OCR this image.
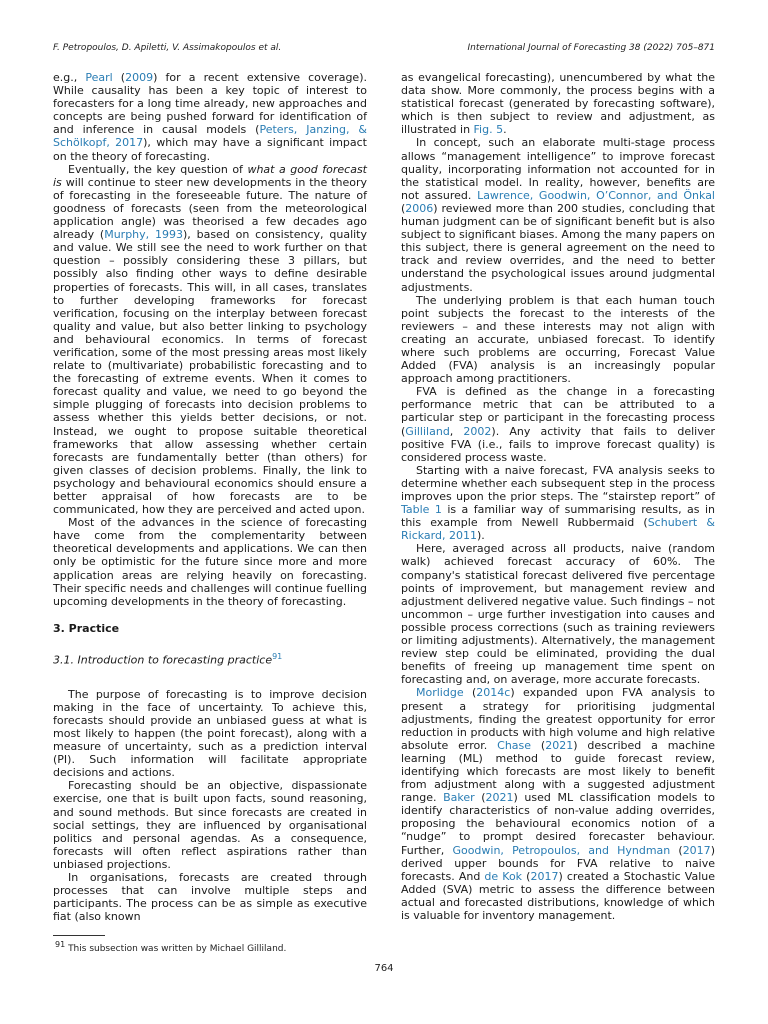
F. Petropoulos, D. Apiletti, V. Assimakopoulos et al.	International Journal of Forecasting 38 (2022) 705–871

e.g., Pearl (2009) for a recent extensive coverage). While causality has been a key topic of interest to forecasters for a long time already, new approaches and concepts are being pushed forward for identification of and inference in causal models (Peters, Janzing, & Schölkopf, 2017), which may have a significant impact on the theory of forecasting.

Eventually, the key question of what a good forecast is will continue to steer new developments in the theory of forecasting in the foreseeable future. The nature of goodness of forecasts (seen from the meteorological application angle) was theorised a few decades ago already (Murphy, 1993), based on consistency, quality and value. We still see the need to work further on that question – possibly considering these 3 pillars, but possibly also finding other ways to define desirable properties of forecasts. This will, in all cases, translates to further developing frameworks for forecast verification, focusing on the interplay between forecast quality and value, but also better linking to psychology and behavioural economics. In terms of forecast verification, some of the most pressing areas most likely relate to (multivariate) probabilistic forecasting and to the forecasting of extreme events. When it comes to forecast quality and value, we need to go beyond the simple plugging of forecasts into decision problems to assess whether this yields better decisions, or not. Instead, we ought to propose suitable theoretical frameworks that allow assessing whether certain forecasts are fundamentally better (than others) for given classes of decision problems. Finally, the link to psychology and behavioural economics should ensure a better appraisal of how forecasts are to be communicated, how they are perceived and acted upon.

Most of the advances in the science of forecasting have come from the complementarity between theoretical developments and applications. We can then only be optimistic for the future since more and more application areas are relying heavily on forecasting. Their specific needs and challenges will continue fuelling upcoming developments in the theory of forecasting.

3. Practice
3.1. Introduction to forecasting practice$^{91}$

The purpose of forecasting is to improve decision making in the face of uncertainty. To achieve this, forecasts should provide an unbiased guess at what is most likely to happen (the point forecast), along with a measure of uncertainty, such as a prediction interval (PI). Such information will facilitate appropriate decisions and actions.

Forecasting should be an objective, dispassionate exercise, one that is built upon facts, sound reasoning, and sound methods. But since forecasts are created in social settings, they are influenced by organisational politics and personal agendas. As a consequence, forecasts will often reflect aspirations rather than unbiased projections.

In organisations, forecasts are created through processes that can involve multiple steps and participants. The process can be as simple as executive fiat (also known

as evangelical forecasting), unencumbered by what the data show. More commonly, the process begins with a statistical forecast (generated by forecasting software), which is then subject to review and adjustment, as illustrated in Fig. 5.

In concept, such an elaborate multi-stage process allows “management intelligence” to improve forecast quality, incorporating information not accounted for in the statistical model. In reality, however, benefits are not assured. Lawrence, Goodwin, O’Connor, and Önkal (2006) reviewed more than 200 studies, concluding that human judgment can be of significant benefit but is also subject to significant biases. Among the many papers on this subject, there is general agreement on the need to track and review overrides, and the need to better understand the psychological issues around judgmental adjustments.

The underlying problem is that each human touch point subjects the forecast to the interests of the reviewers – and these interests may not align with creating an accurate, unbiased forecast. To identify where such problems are occurring, Forecast Value Added (FVA) analysis is an increasingly popular approach among practitioners.

FVA is defined as the change in a forecasting performance metric that can be attributed to a particular step or participant in the forecasting process (Gilliland, 2002). Any activity that fails to deliver positive FVA (i.e., fails to improve forecast quality) is considered process waste.

Starting with a naive forecast, FVA analysis seeks to determine whether each subsequent step in the process improves upon the prior steps. The “stairstep report” of Table 1 is a familiar way of summarising results, as in this example from Newell Rubbermaid (Schubert & Rickard, 2011).

Here, averaged across all products, naive (random walk) achieved forecast accuracy of 60%. The company's statistical forecast delivered five percentage points of improvement, but management review and adjustment delivered negative value. Such findings – not uncommon – urge further investigation into causes and possible process corrections (such as training reviewers or limiting adjustments). Alternatively, the management review step could be eliminated, providing the dual benefits of freeing up management time spent on forecasting and, on average, more accurate forecasts.

Morlidge (2014c) expanded upon FVA analysis to present a strategy for prioritising judgmental adjustments, finding the greatest opportunity for error reduction in products with high volume and high relative absolute error. Chase (2021) described a machine learning (ML) method to guide forecast review, identifying which forecasts are most likely to benefit from adjustment along with a suggested adjustment range. Baker (2021) used ML classification models to identify characteristics of non-value adding overrides, proposing the behavioural economics notion of a “nudge” to prompt desired forecaster behaviour. Further, Goodwin, Petropoulos, and Hyndman (2017) derived upper bounds for FVA relative to naive forecasts. And de Kok (2017) created a Stochastic Value Added (SVA) metric to assess the difference between actual and forecasted distributions, knowledge of which is valuable for inventory management.

$^{91}$ This subsection was written by Michael Gilliland.
764
